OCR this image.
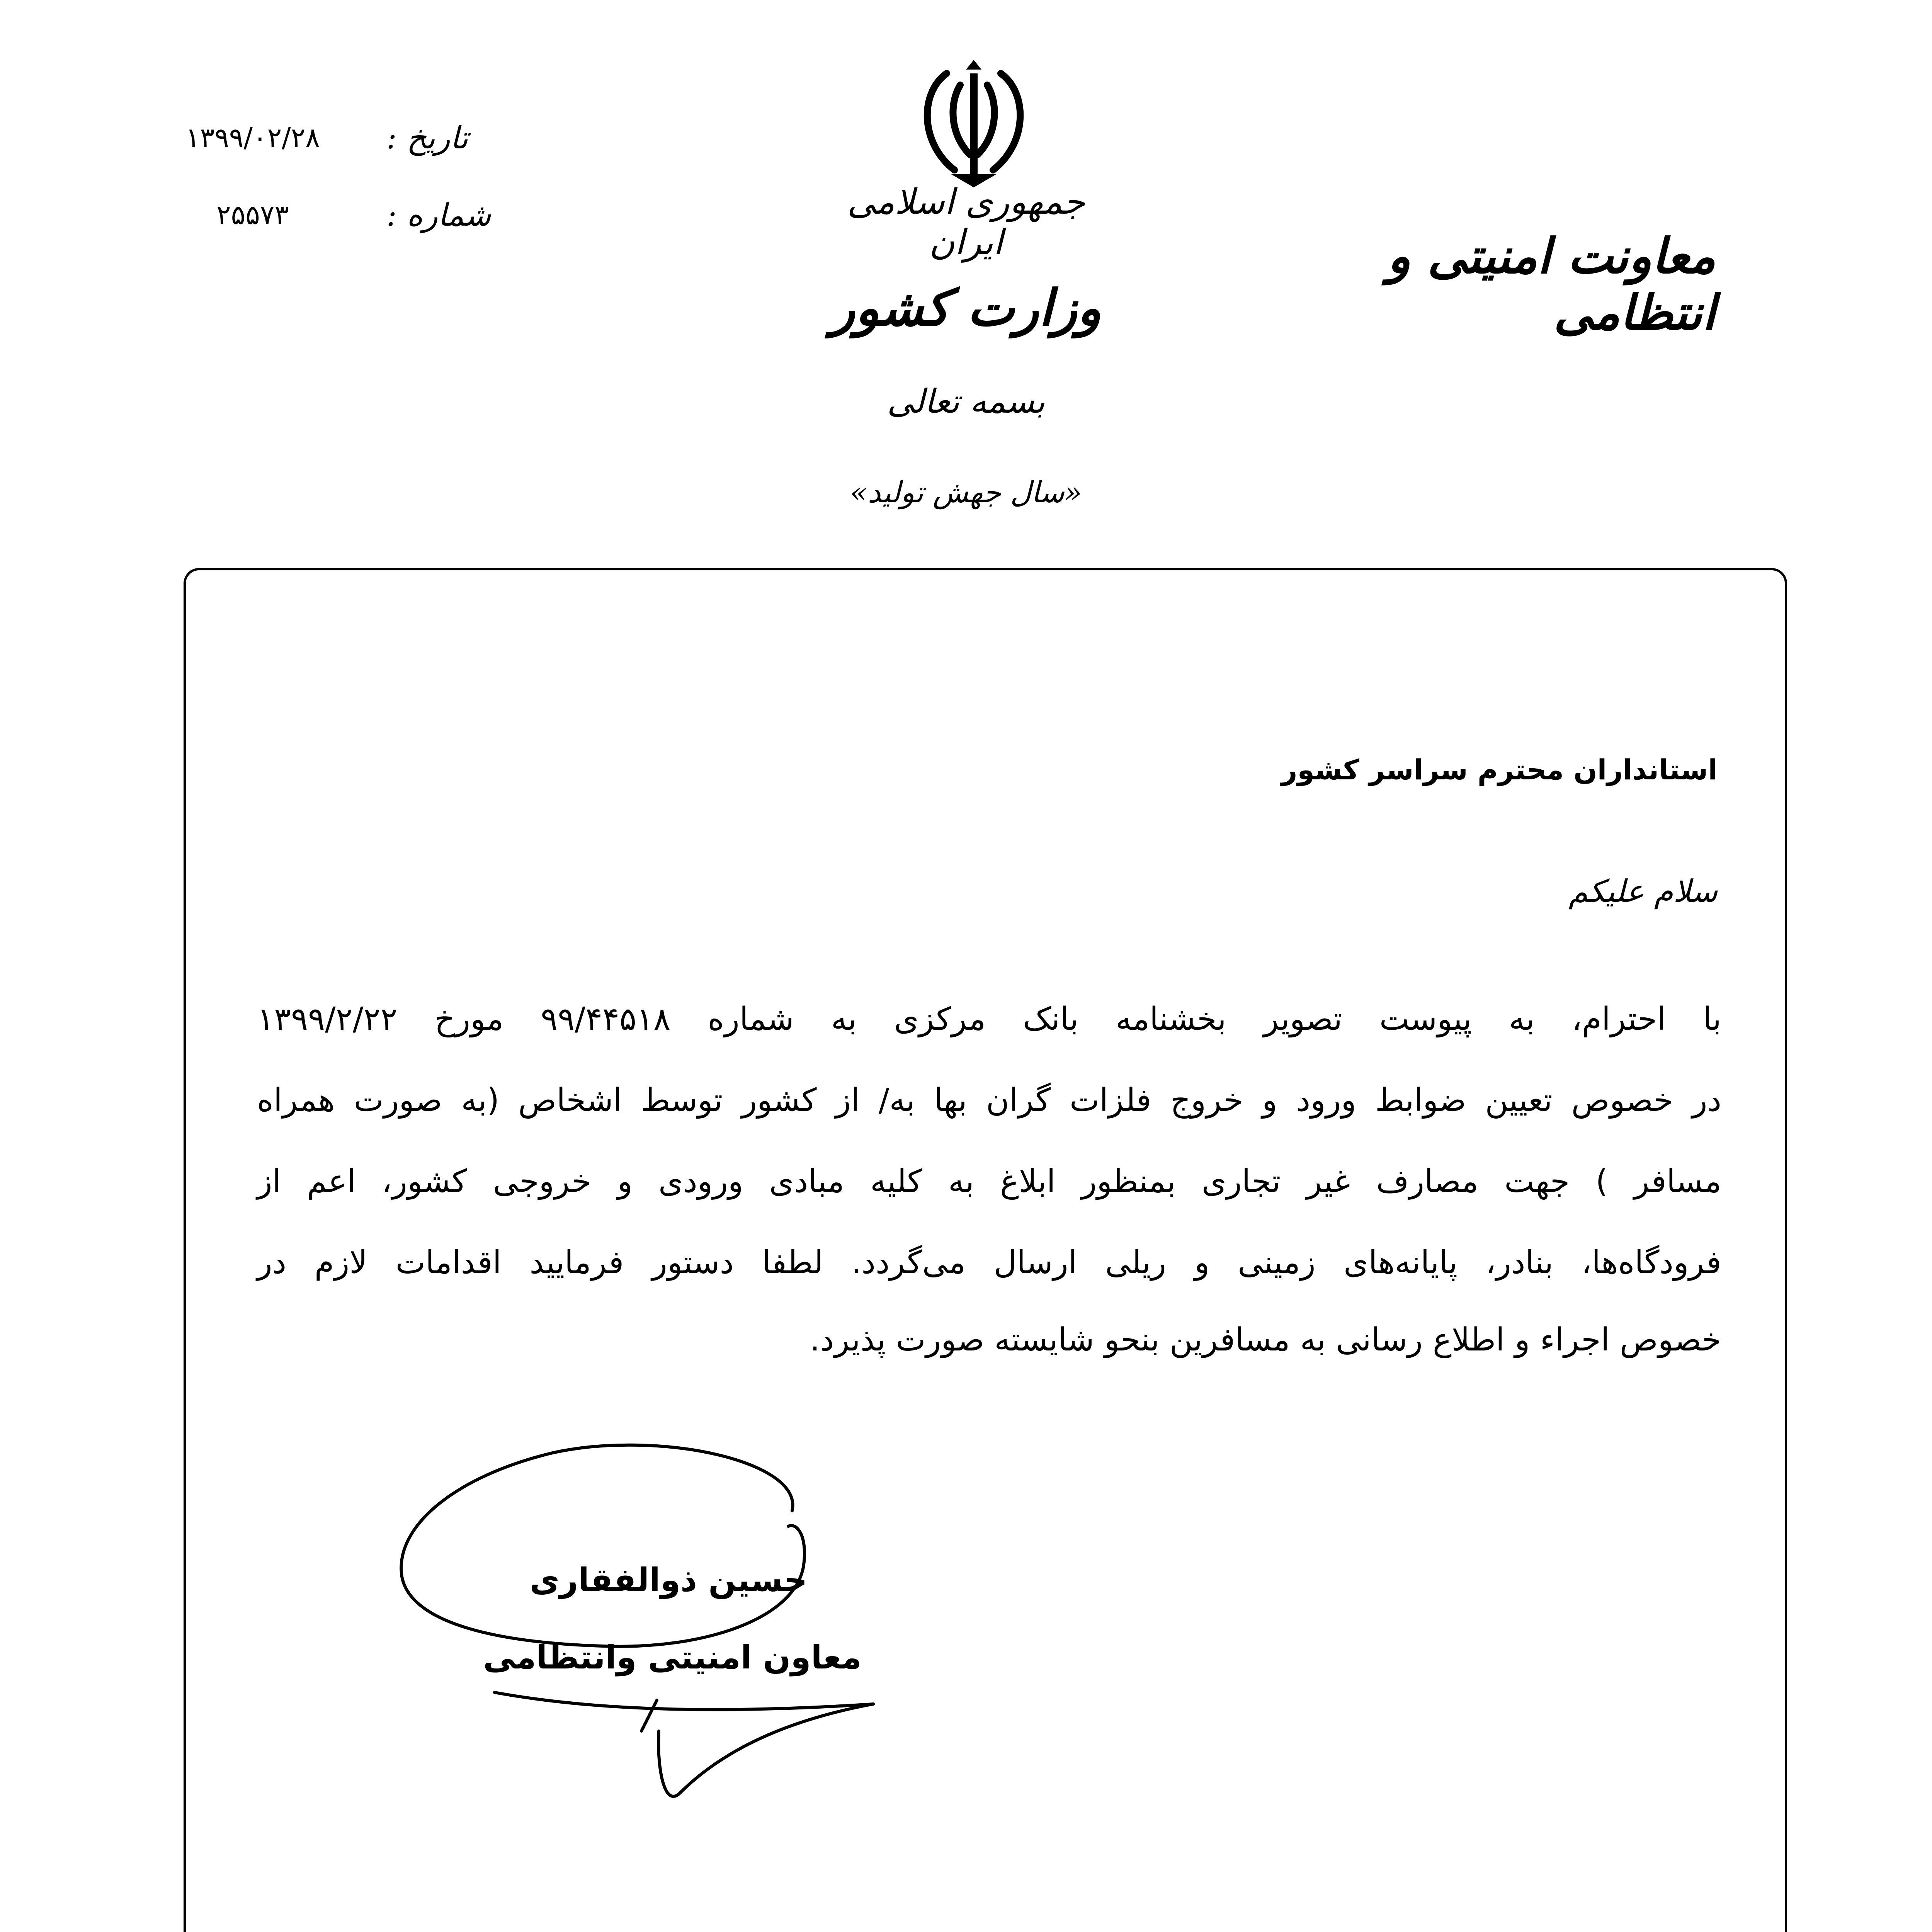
تاریخ :
۱۳۹۹/۰۲/۲۸
شماره :
۲۵۵۷۳	جمهوری اسلامی ایران
وزارت کشور
بسمه تعالی
«سال جهش تولید»
معاونت امنیتی و انتظامی
استانداران محترم سراسر کشور
سلام علیکم
با احترام، به پیوست تصویر بخشنامه بانک مرکزی به شماره ۹۹/۴۴۵۱۸ مورخ ۱۳۹۹/۲/۲۲
در خصوص تعیین ضوابط ورود و خروج فلزات گران بها به/ از کشور توسط اشخاص (به صورت همراه
مسافر ) جهت مصارف غیر تجاری بمنظور ابلاغ به کلیه مبادی ورودی و خروجی کشور، اعم از
فرودگاه‌ها، بنادر، پایانه‌های زمینی و ریلی ارسال می‌گردد. لطفا دستور فرمایید اقدامات لازم در
خصوص اجراء و اطلاع رسانی به مسافرین بنحو شایسته صورت پذیرد.
حسین ذوالفقاری
معاون امنیتی وانتظامی
